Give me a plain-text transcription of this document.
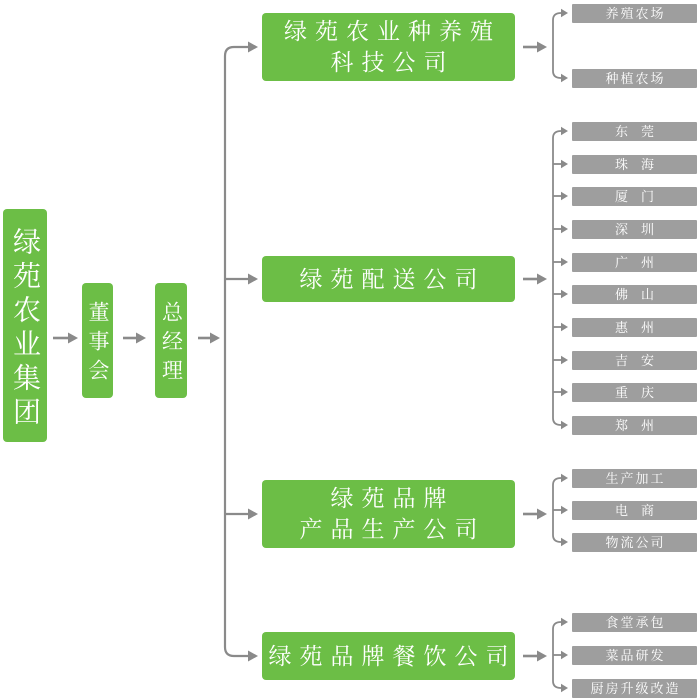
绿苑农业集团 董事会 总经理
绿苑农业种养殖
科技公司
养殖农场
种植农场
绿苑配送公司
东莞
珠海
厦门
深圳
广州
佛山
惠州
吉安
重庆
郑州
绿苑品牌
产品生产公司
生产加工
电商
物流公司
绿苑品牌餐饮公司
食堂承包
菜品研发
厨房升级改造
